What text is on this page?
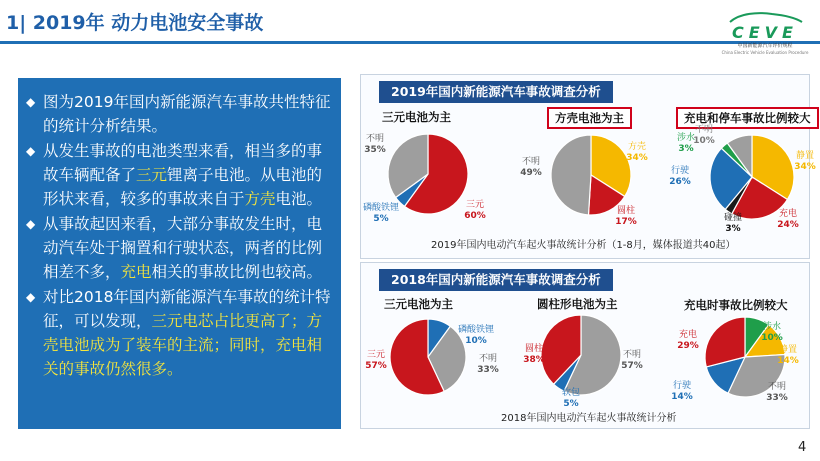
1| 2019年 动力电池安全事故	CEVE
中国新能源汽车评价规程
China Electric Vehicle Evaluation Procedure
◆ 图为2019年国内新能源汽车事故共性特征的统计分析结果。
◆ 从发生事故的电池类型来看，相当多的事故车辆配备了三元锂离子电池。从电池的形状来看，较多的事故来自于方壳电池。
◆ 从事故起因来看，大部分事故发生时，电动汽车处于搁置和行驶状态，两者的比例相差不多，充电相关的事故比例也较高。
◆ 对比2018年国内新能源汽车事故的统计特征，可以发现，三元电芯占比更高了；方壳电池成为了装车的主流；同时，充电相关的事故仍然很多。
2019年国内新能源汽车事故调查分析
2019年国内电动汽车起火事故统计分析（1-8月，媒体报道共40起）
2018年国内新能源汽车事故调查分析
2018年国内电动汽车起火事故统计分析
三元电池为主
三元
60%
磷酸铁锂
5%
不明
35%
方壳电池为主
方壳
34%
圆柱
17%
不明
49%
充电和停车事故比例较大
静置
34%
充电
24%
碰撞
3%
行驶
26%
涉水
3%
不明
10%
三元电池为主
磷酸铁锂
10%
不明
33%
三元
57%
圆柱形电池为主
不明
57%
软包
5%
圆柱
38%
充电时事故比例较大
涉水
10%
静置
14%
不明
33%
行驶
14%
充电
29%
4
